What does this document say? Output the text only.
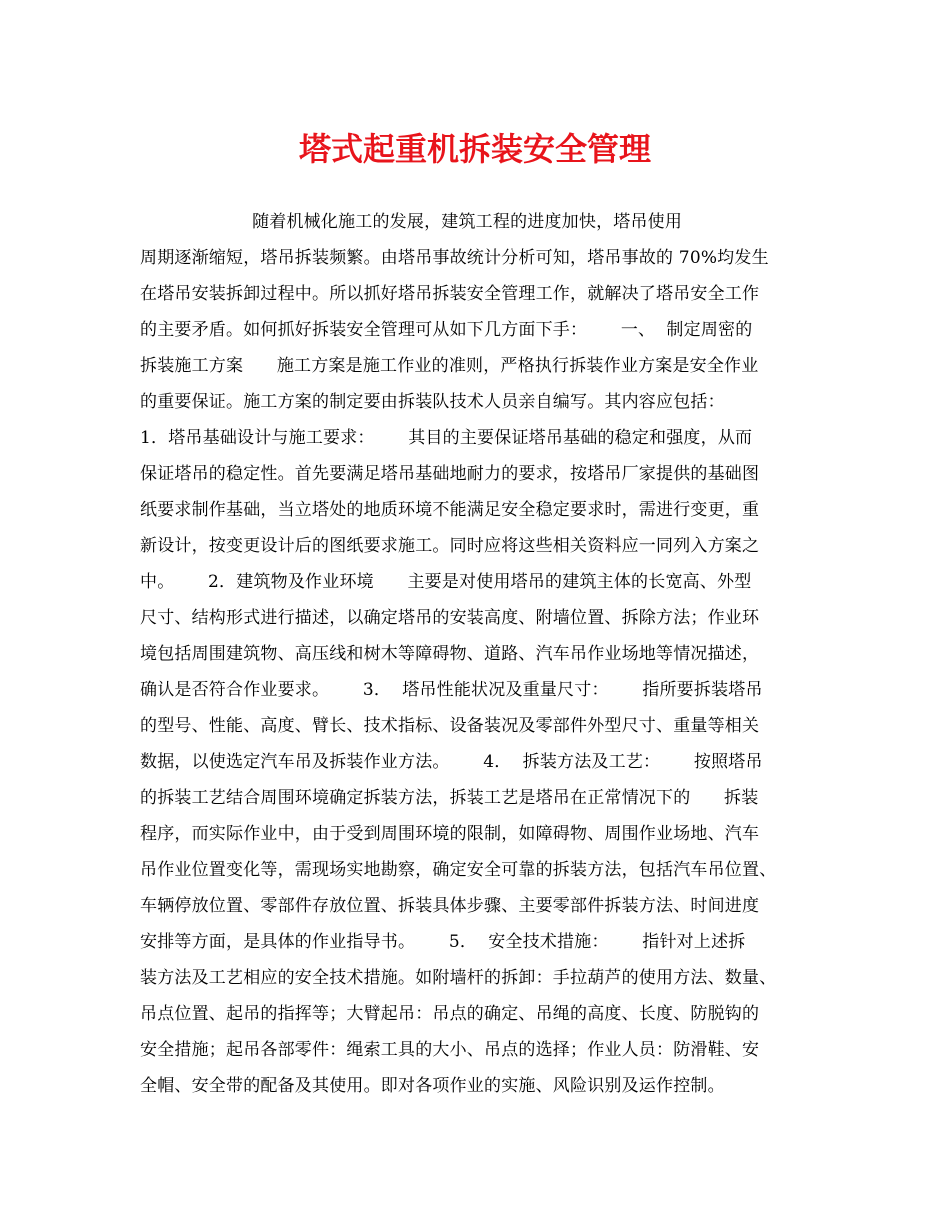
塔式起重机拆装安全管理
随着机械化施工的发展，建筑工程的进度加快，塔吊使用
周期逐渐缩短，塔吊拆装频繁。由塔吊事故统计分析可知，塔吊事故的 70%均发生
在塔吊安装拆卸过程中。所以抓好塔吊拆装安全管理工作，就解决了塔吊安全工作
的主要矛盾。如何抓好拆装安全管理可从如下几方面下手：      一、  制定周密的
拆装施工方案      施工方案是施工作业的准则，严格执行拆装作业方案是安全作业
的重要保证。施工方案的制定要由拆装队技术人员亲自编写。其内容应包括：
1．塔吊基础设计与施工要求：      其目的主要保证塔吊基础的稳定和强度，从而
保证塔吊的稳定性。首先要满足塔吊基础地耐力的要求，按塔吊厂家提供的基础图
纸要求制作基础，当立塔处的地质环境不能满足安全稳定要求时，需进行变更，重
新设计，按变更设计后的图纸要求施工。同时应将这些相关资料应一同列入方案之
中。      2．建筑物及作业环境      主要是对使用塔吊的建筑主体的长宽高、外型
尺寸、结构形式进行描述，以确定塔吊的安装高度、附墙位置、拆除方法；作业环
境包括周围建筑物、高压线和树木等障碍物、道路、汽车吊作业场地等情况描述，
确认是否符合作业要求。      3．  塔吊性能状况及重量尺寸：      指所要拆装塔吊
的型号、性能、高度、臂长、技术指标、设备装况及零部件外型尺寸、重量等相关
数据，以使选定汽车吊及拆装作业方法。      4．  拆装方法及工艺：      按照塔吊
的拆装工艺结合周围环境确定拆装方法，拆装工艺是塔吊在正常情况下的      拆装
程序，而实际作业中，由于受到周围环境的限制，如障碍物、周围作业场地、汽车
吊作业位置变化等，需现场实地勘察，确定安全可靠的拆装方法，包括汽车吊位置、
车辆停放位置、零部件存放位置、拆装具体步骤、主要零部件拆装方法、时间进度
安排等方面，是具体的作业指导书。      5．  安全技术措施：      指针对上述拆
装方法及工艺相应的安全技术措施。如附墙杆的拆卸：手拉葫芦的使用方法、数量、
吊点位置、起吊的指挥等；大臂起吊：吊点的确定、吊绳的高度、长度、防脱钩的
安全措施；起吊各部零件：绳索工具的大小、吊点的选择；作业人员：防滑鞋、安
全帽、安全带的配备及其使用。即对各项作业的实施、风险识别及运作控制。
